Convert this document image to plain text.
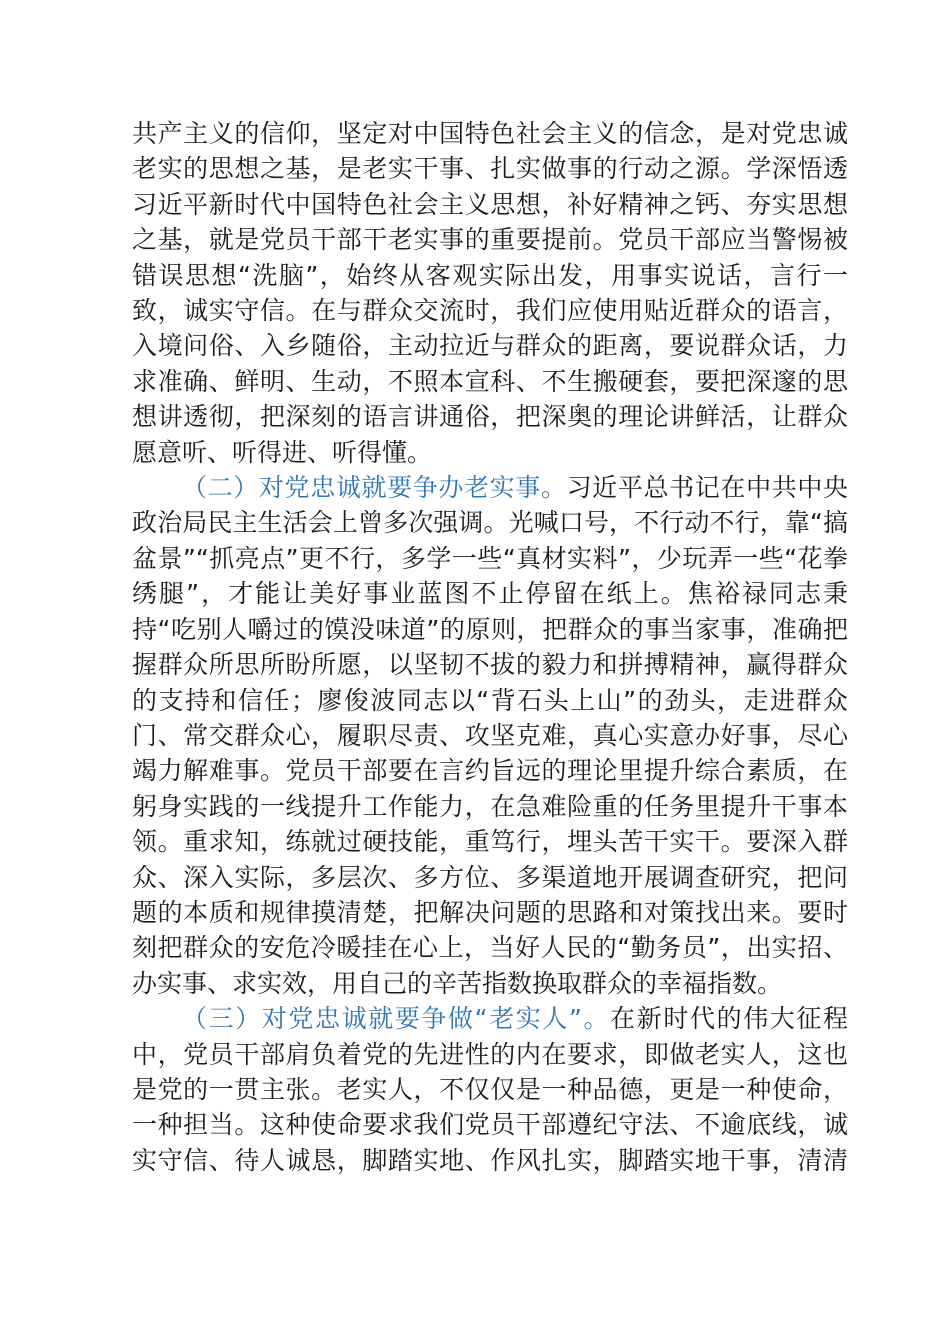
共产主义的信仰，坚定对中国特色社会主义的信念，是对党忠诚老实的思想之基，是老实干事、扎实做事的行动之源。学深悟透习近平新时代中国特色社会主义思想，补好精神之钙、夯实思想之基，就是党员干部干老实事的重要提前。党员干部应当警惕被错误思想“洗脑”，始终从客观实际出发，用事实说话，言行一致，诚实守信。在与群众交流时，我们应使用贴近群众的语言，入境问俗、入乡随俗，主动拉近与群众的距离，要说群众话，力求准确、鲜明、生动，不照本宣科、不生搬硬套，要把深邃的思想讲透彻，把深刻的语言讲通俗，把深奥的理论讲鲜活，让群众愿意听、听得进、听得懂。

（二）对党忠诚就要争办老实事。习近平总书记在中共中央政治局民主生活会上曾多次强调。光喊口号，不行动不行，靠“搞盆景”“抓亮点”更不行，多学一些“真材实料”，少玩弄一些“花拳绣腿”，才能让美好事业蓝图不止停留在纸上。焦裕禄同志秉持“吃别人嚼过的馍没味道”的原则，把群众的事当家事，准确把握群众所思所盼所愿，以坚韧不拔的毅力和拼搏精神，赢得群众的支持和信任；廖俊波同志以“背石头上山”的劲头，走进群众门、常交群众心，履职尽责、攻坚克难，真心实意办好事，尽心竭力解难事。党员干部要在言约旨远的理论里提升综合素质，在躬身实践的一线提升工作能力，在急难险重的任务里提升干事本领。重求知，练就过硬技能，重笃行，埋头苦干实干。要深入群众、深入实际，多层次、多方位、多渠道地开展调查研究，把问题的本质和规律摸清楚，把解决问题的思路和对策找出来。要时刻把群众的安危冷暖挂在心上，当好人民的“勤务员”，出实招、办实事、求实效，用自己的辛苦指数换取群众的幸福指数。

（三）对党忠诚就要争做“老实人”。在新时代的伟大征程中，党员干部肩负着党的先进性的内在要求，即做老实人，这也是党的一贯主张。老实人，不仅仅是一种品德，更是一种使命，一种担当。这种使命要求我们党员干部遵纪守法、不逾底线，诚实守信、待人诚恳，脚踏实地、作风扎实，脚踏实地干事，清清
